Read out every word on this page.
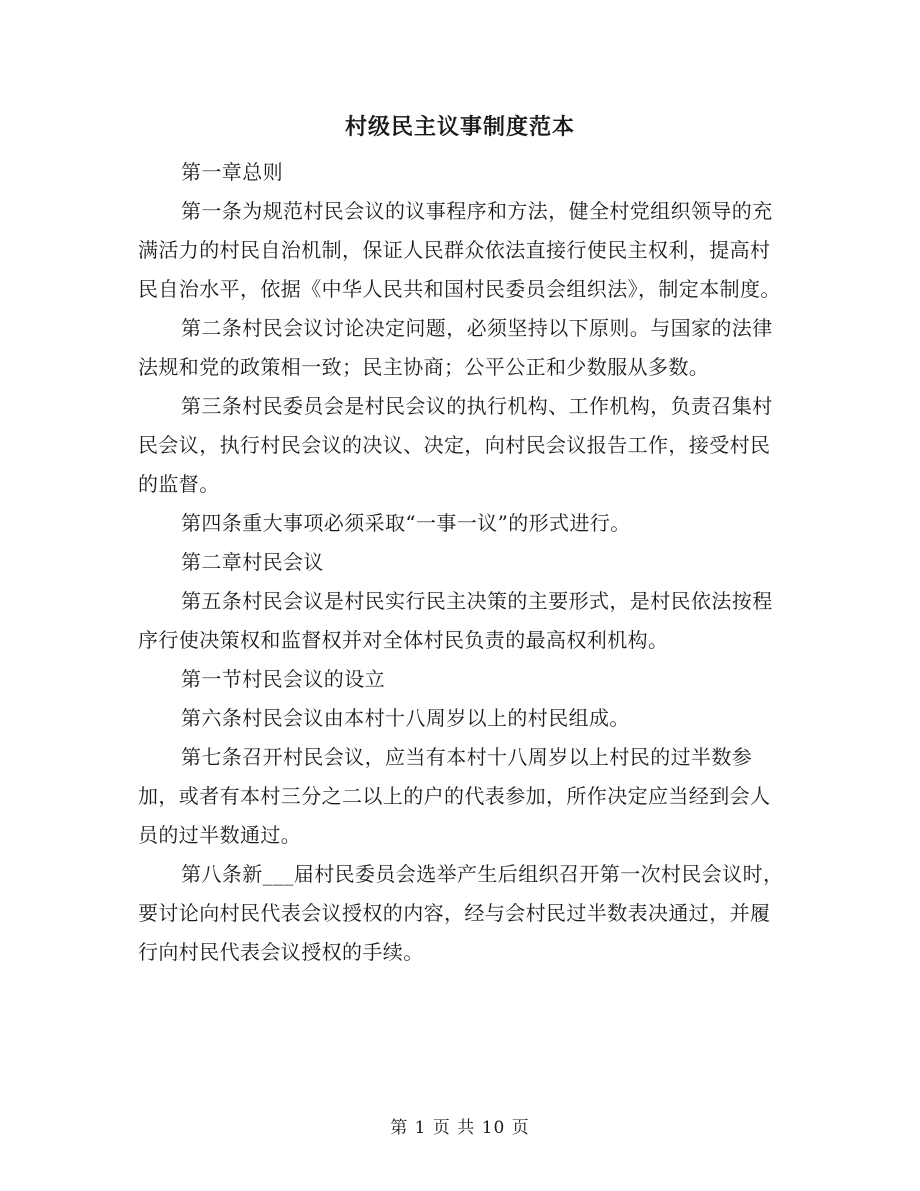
村级民主议事制度范本

第一章总则

第一条为规范村民会议的议事程序和方法，健全村党组织领导的充满活力的村民自治机制，保证人民群众依法直接行使民主权利，提高村民自治水平，依据《中华人民共和国村民委员会组织法》，制定本制度。

第二条村民会议讨论决定问题，必须坚持以下原则。与国家的法律法规和党的政策相一致；民主协商；公平公正和少数服从多数。

第三条村民委员会是村民会议的执行机构、工作机构，负责召集村民会议，执行村民会议的决议、决定，向村民会议报告工作，接受村民的监督。

第四条重大事项必须采取“一事一议”的形式进行。

第二章村民会议

第五条村民会议是村民实行民主决策的主要形式，是村民依法按程序行使决策权和监督权并对全体村民负责的最高权利机构。

第一节村民会议的设立

第六条村民会议由本村十八周岁以上的村民组成。

第七条召开村民会议，应当有本村十八周岁以上村民的过半数参加，或者有本村三分之二以上的户的代表参加，所作决定应当经到会人员的过半数通过。

第八条新___届村民委员会选举产生后组织召开第一次村民会议时，要讨论向村民代表会议授权的内容，经与会村民过半数表决通过，并履行向村民代表会议授权的手续。

第 1 页 共 10 页
